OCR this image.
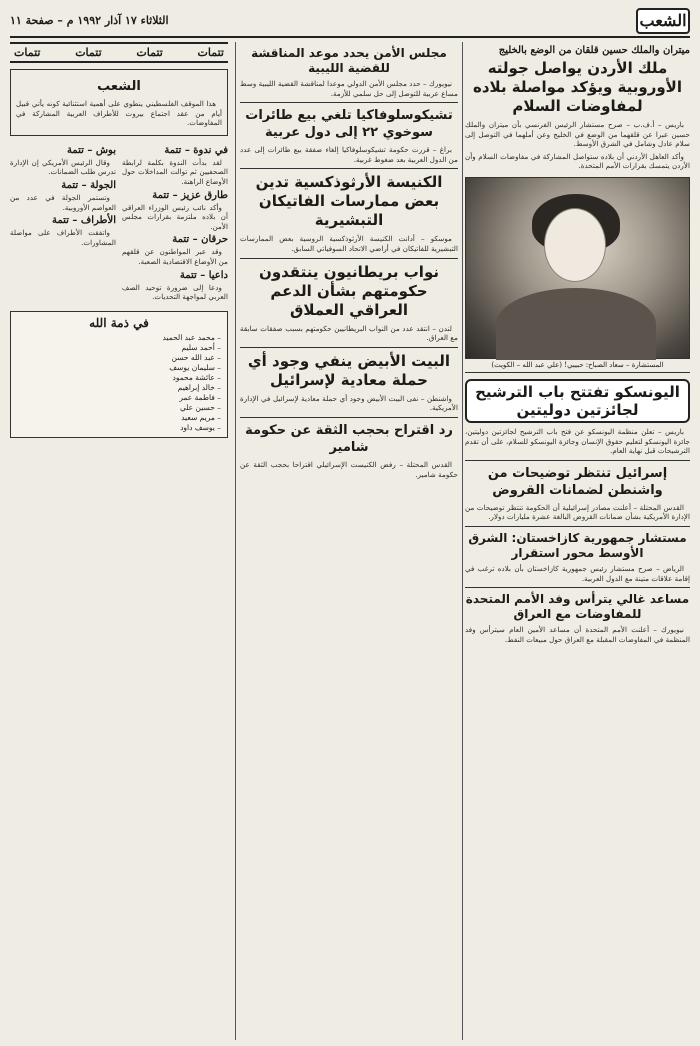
الشعب
الثلاثاء ١٧ آذار ١٩٩٢ م – صفحة ١١
ميتران والملك حسين قلقان من الوضع بالخليج
ملك الأردن يواصل جولته الأوروبية ويؤكد مواصلة بلاده لمفاوضات السلام

باريس – أ.ف.ب – صرح مستشار الرئيس الفرنسي بأن ميتران والملك حسين عبرا عن قلقهما من الوضع في الخليج وعن أملهما في التوصل إلى سلام عادل وشامل في الشرق الأوسط.

وأكد العاهل الأردني أن بلاده ستواصل المشاركة في مفاوضات السلام وأن الأردن يتمسك بقرارات الأمم المتحدة.

المستشارة – سعاد الصباح: حبيبي! (علي عبد الله – الكويت)
اليونسكو تفتتح باب الترشيح لجائزتين دوليتين

باريس – تعلن منظمة اليونسكو عن فتح باب الترشيح لجائزتين دوليتين، جائزة اليونسكو لتعليم حقوق الإنسان وجائزة اليونسكو للسلام، على أن تقدم الترشيحات قبل نهاية العام.

إسرائيل تنتظر توضيحات من واشنطن لضمانات القروض

القدس المحتلة – أعلنت مصادر إسرائيلية أن الحكومة تنتظر توضيحات من الإدارة الأمريكية بشأن ضمانات القروض البالغة عشرة مليارات دولار.

مستشار جمهورية كازاخستان: الشرق الأوسط محور استقرار

الرياض – صرح مستشار رئيس جمهورية كازاخستان بأن بلاده ترغب في إقامة علاقات متينة مع الدول العربية.

مساعد غالي يترأس وفد الأمم المتحدة للمفاوضات مع العراق

نيويورك – أعلنت الأمم المتحدة أن مساعد الأمين العام سيترأس وفد المنظمة في المفاوضات المقبلة مع العراق حول مبيعات النفط.

مجلس الأمن يحدد موعد المناقشة للقضية الليبية

نيويورك – حدد مجلس الأمن الدولي موعدا لمناقشة القضية الليبية وسط مساع عربية للتوصل إلى حل سلمي للأزمة.

تشيكوسلوفاكيا تلغي بيع طائرات سوخوي ٢٢ إلى دول عربية

براغ – قررت حكومة تشيكوسلوفاكيا إلغاء صفقة بيع طائرات إلى عدد من الدول العربية بعد ضغوط غربية.

الكنيسة الأرثوذكسية تدين بعض ممارسات الفاتيكان التبشيرية

موسكو – أدانت الكنيسة الأرثوذكسية الروسية بعض الممارسات التبشيرية للفاتيكان في أراضي الاتحاد السوفياتي السابق.

نواب بريطانيون ينتقدون حكومتهم بشأن الدعم العراقي العملاق

لندن – انتقد عدد من النواب البريطانيين حكومتهم بسبب صفقات سابقة مع العراق.

البيت الأبيض ينفي وجود أي حملة معادية لإسرائيل

واشنطن – نفى البيت الأبيض وجود أي حملة معادية لإسرائيل في الإدارة الأمريكية.

رد اقتراح بحجب الثقة عن حكومة شامير

القدس المحتلة – رفض الكنيست الإسرائيلي اقتراحا بحجب الثقة عن حكومة شامير.

تتمات
تتمات
تتمات
تتمات
الشعب

هذا الموقف الفلسطيني ينطوي على أهمية استثنائية كونه يأتي قبيل أيام من عقد اجتماع بيروت للأطراف العربية المشاركة في المفاوضات.

في ندوة – تتمة

لقد بدأت الندوة بكلمة لرابطة الصحفيين ثم توالت المداخلات حول الأوضاع الراهنة.

طارق عزيز – تتمة

وأكد نائب رئيس الوزراء العراقي أن بلاده ملتزمة بقرارات مجلس الأمن.

حرقان – تتمة

وقد عبر المواطنون عن قلقهم من الأوضاع الاقتصادية الصعبة.

داعيا – تتمة

ودعا إلى ضرورة توحيد الصف العربي لمواجهة التحديات.

بوش – تتمة

وقال الرئيس الأمريكي إن الإدارة تدرس طلب الضمانات.

الجولة – تتمة

وتستمر الجولة في عدد من العواصم الأوروبية.

الأطراف – تتمة

واتفقت الأطراف على مواصلة المشاورات.

في ذمة الله
– محمد عبد الحميد
– أحمد سليم
– عبد الله حسن
– سليمان يوسف
– عائشة محمود
– خالد إبراهيم
– فاطمة عمر
– حسين علي
– مريم سعيد
– يوسف داود
